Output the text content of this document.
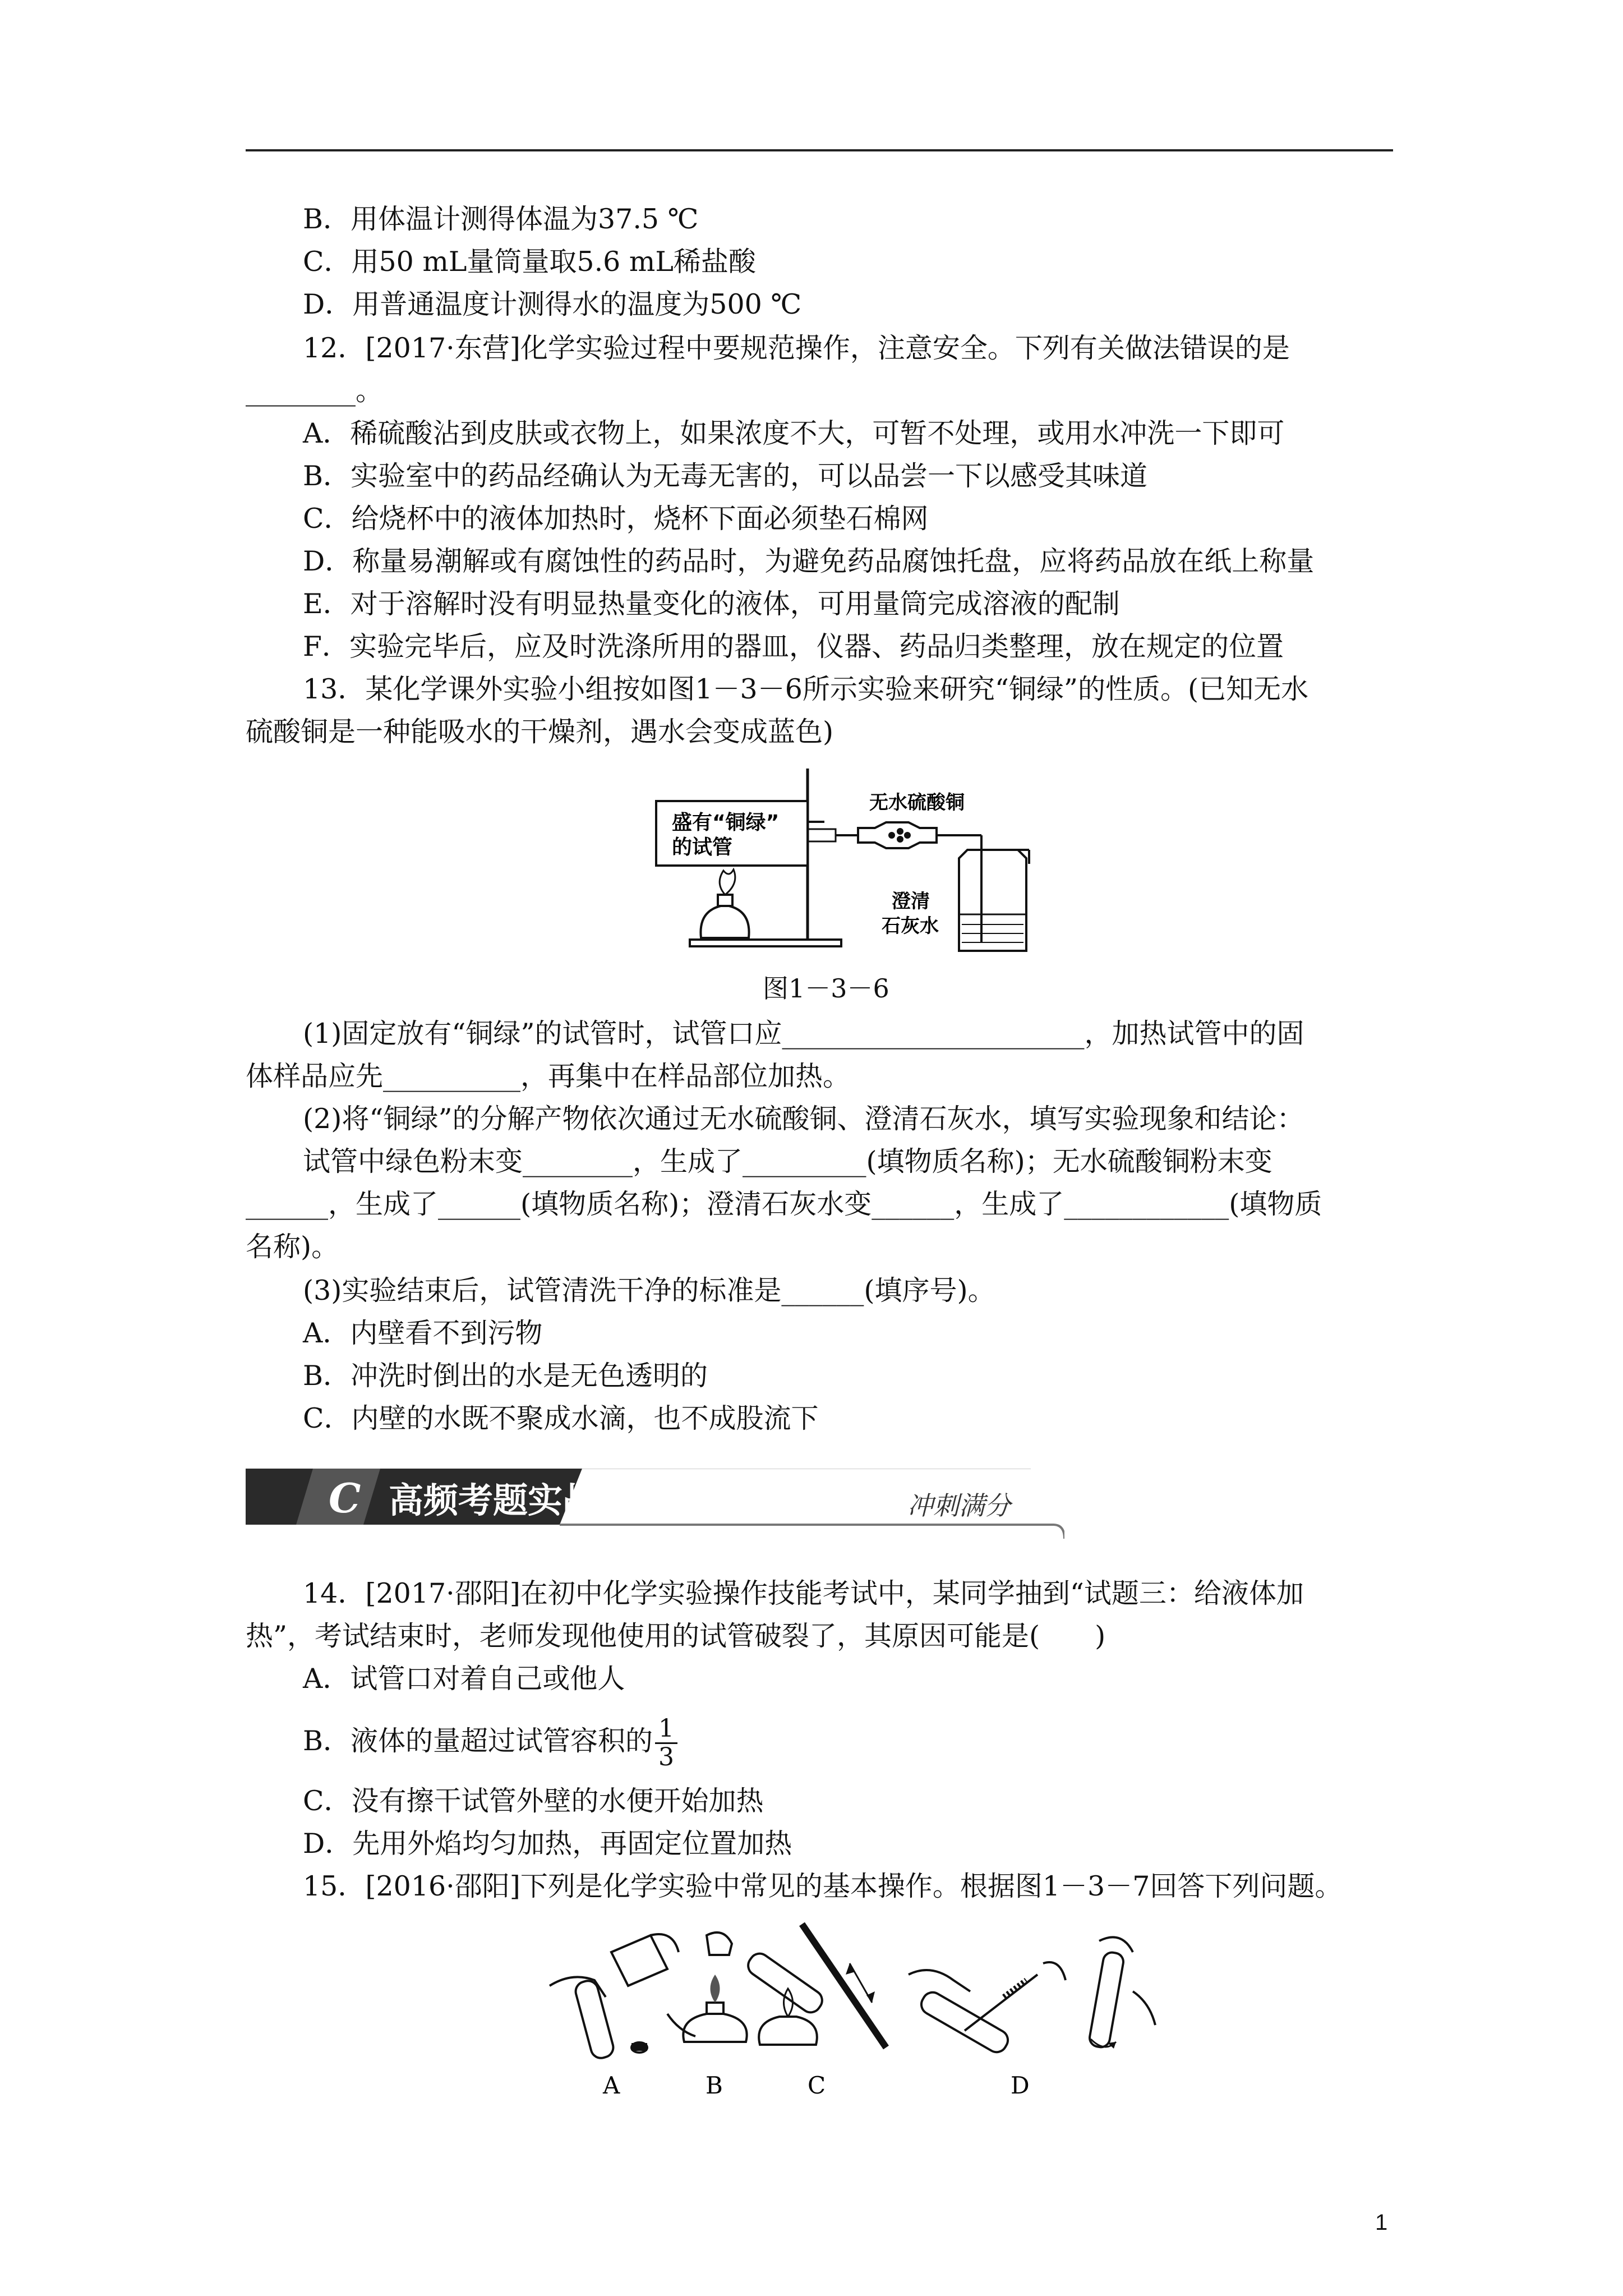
B．用体温计测得体温为37.5 ℃
C．用50 mL量筒量取5.6 mL稀盐酸
D．用普通温度计测得水的温度为500 ℃
12．[2017·东营]化学实验过程中要规范操作，注意安全。下列有关做法错误的是
________。
A．稀硫酸沾到皮肤或衣物上，如果浓度不大，可暂不处理，或用水冲洗一下即可
B．实验室中的药品经确认为无毒无害的，可以品尝一下以感受其味道
C．给烧杯中的液体加热时，烧杯下面必须垫石棉网
D．称量易潮解或有腐蚀性的药品时，为避免药品腐蚀托盘，应将药品放在纸上称量
E．对于溶解时没有明显热量变化的液体，可用量筒完成溶液的配制
F．实验完毕后，应及时洗涤所用的器皿，仪器、药品归类整理，放在规定的位置
13．某化学课外实验小组按如图1－3－6所示实验来研究“铜绿”的性质。(已知无水
硫酸铜是一种能吸水的干燥剂，遇水会变成蓝色)
盛有“铜绿”
的试管
无水硫酸铜
澄清
石灰水
图1－3－6
(1)固定放有“铜绿”的试管时，试管口应______________________，加热试管中的固
体样品应先__________，再集中在样品部位加热。
(2)将“铜绿”的分解产物依次通过无水硫酸铜、澄清石灰水，填写实验现象和结论：
试管中绿色粉末变________，生成了_________(填物质名称)；无水硫酸铜粉末变
______，生成了______(填物质名称)；澄清石灰水变______，生成了____________(填物质
名称)。
(3)实验结束后，试管清洗干净的标准是______(填序号)。
A．内壁看不到污物
B．冲洗时倒出的水是无色透明的
C．内壁的水既不聚成水滴，也不成股流下
C 高频考题实战练	冲刺满分
14．[2017·邵阳]在初中化学实验操作技能考试中，某同学抽到“试题三：给液体加
热”，考试结束时，老师发现他使用的试管破裂了，其原因可能是(　　)
A．试管口对着自己或他人
B．液体的量超过试管容积的 $\frac{1}{3}$
C．没有擦干试管外壁的水便开始加热
D．先用外焰均匀加热，再固定位置加热
15．[2016·邵阳]下列是化学实验中常见的基本操作。根据图1－3－7回答下列问题。
A	B	C	D
1
